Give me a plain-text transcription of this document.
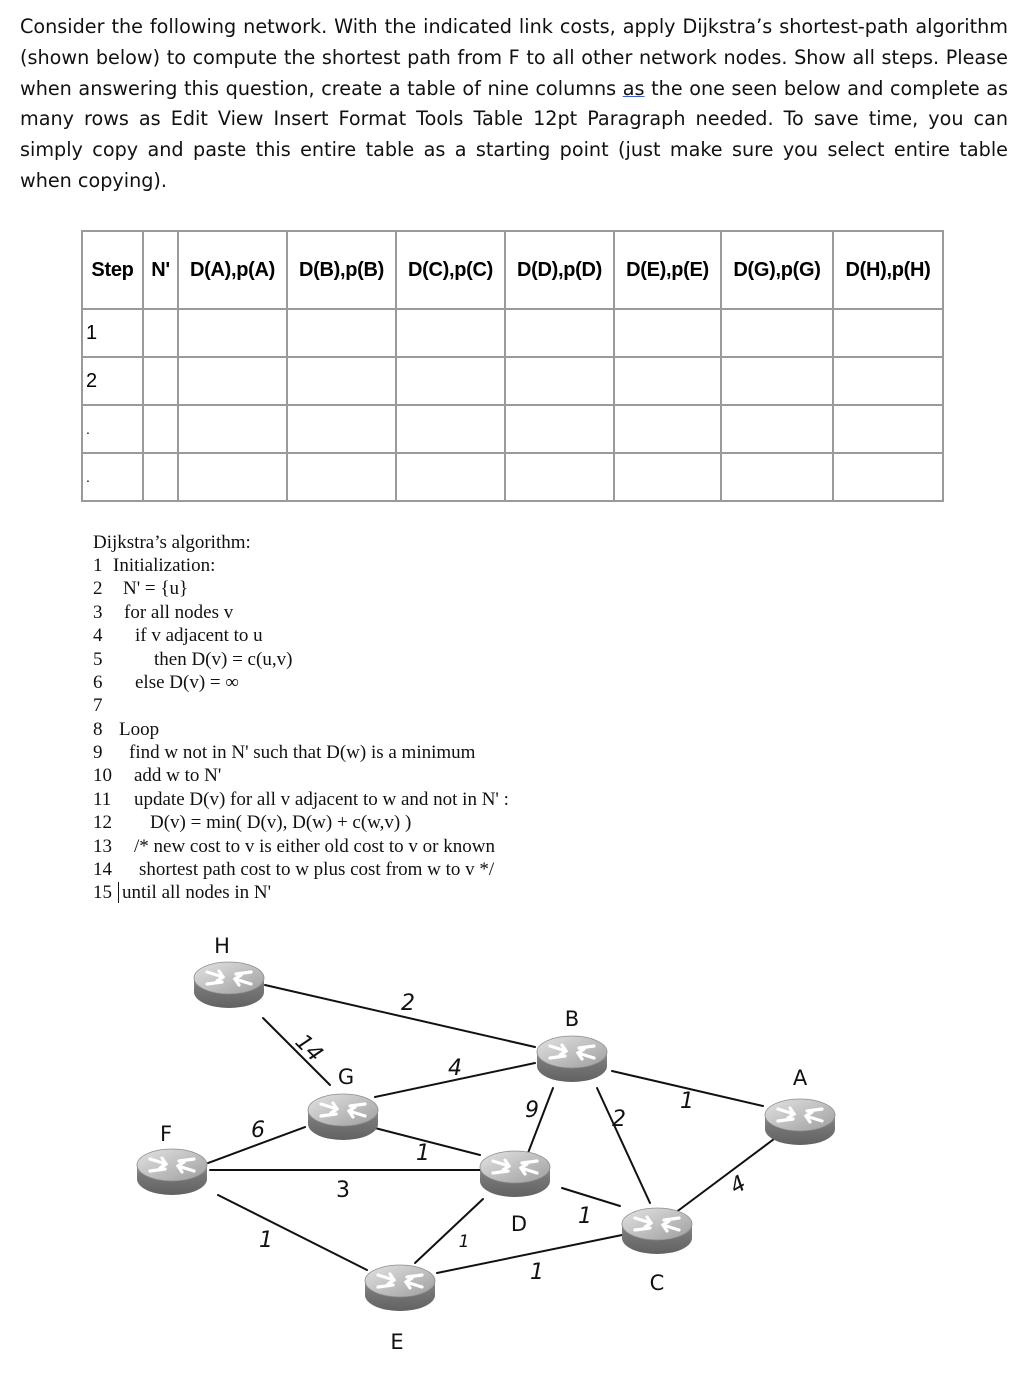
Consider the following network. With the indicated link costs, apply Dijkstra’s shortest-path algorithm (shown below) to compute the shortest path from F to all other network nodes. Show all steps. Please when answering this question, create a table of nine columns as the one seen below and complete as many rows as Edit View Insert Format Tools Table 12pt Paragraph needed. To save time, you can simply copy and paste this entire table as a starting point (just make sure you select entire table when copying).

Step	N'	D(A),p(A)	D(B),p(B)	D(C),p(C)	D(D),p(D)	D(E),p(E)	D(G),p(G)	D(H),p(H)
1								
2								
.								
.								
Dijkstra’s algorithm:
1 Initialization:
2 N' = {u}
3 for all nodes v
4 if v adjacent to u
5	then D(v) = c(u,v)
6 else D(v) = ∞
7
8 Loop
9 find w not in N' such that D(w) is a minimum
10 add w to N'
11 update D(v) for all v adjacent to w and not in N' :
12 D(v) = min( D(v), D(w) + c(w,v) )
13 /* new cost to v is either old cost to v or known
14 shortest path cost to w plus cost from w to v */
15 until all nodes in N'
H
B
G	A
F
D
C
E
2
14
4
6
1
9	2
1
3
1	1
1
1
4
